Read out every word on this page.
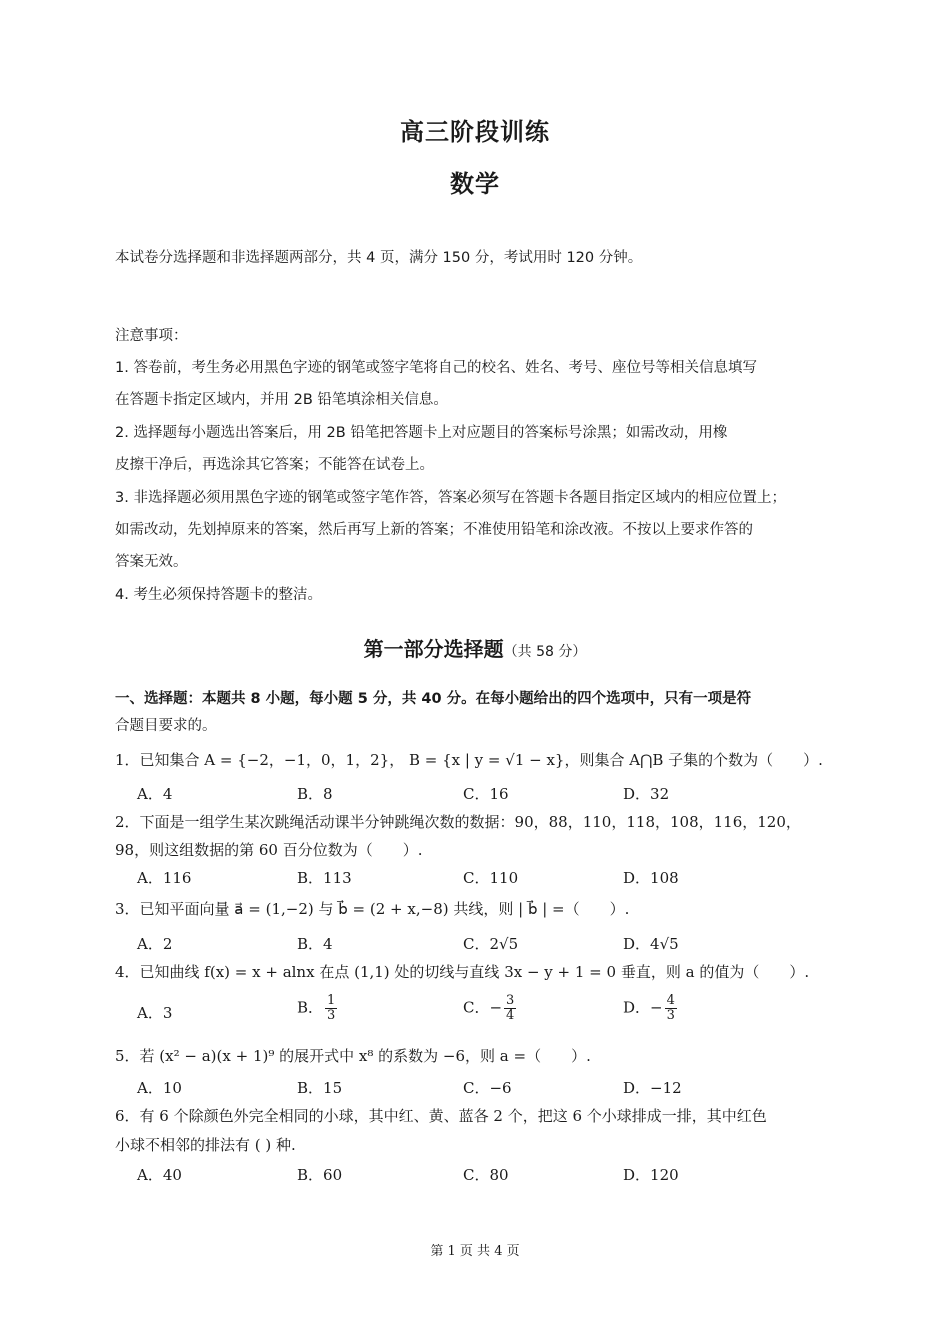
高三阶段训练
数学
本试卷分选择题和非选择题两部分，共 4 页，满分 150 分，考试用时 120 分钟。
注意事项：
1. 答卷前，考生务必用黑色字迹的钢笔或签字笔将自己的校名、姓名、考号、座位号等相关信息填写
在答题卡指定区域内，并用 2B 铅笔填涂相关信息。
2. 选择题每小题选出答案后，用 2B 铅笔把答题卡上对应题目的答案标号涂黑；如需改动，用橡
皮擦干净后，再选涂其它答案；不能答在试卷上。
3. 非选择题必须用黑色字迹的钢笔或签字笔作答，答案必须写在答题卡各题目指定区域内的相应位置上；
如需改动，先划掉原来的答案，然后再写上新的答案；不准使用铅笔和涂改液。不按以上要求作答的
答案无效。
4. 考生必须保持答题卡的整洁。
第一部分选择题（共 58 分）
一、选择题：本题共 8 小题，每小题 5 分，共 40 分。在每小题给出的四个选项中，只有一项是符
合题目要求的。
1．已知集合 A = {−2，−1，0，1，2}， B = {x | y = √1 − x}，则集合 A⋂B 子集的个数为（　　）.
A．4	B．8	C．16	D．32
2．下面是一组学生某次跳绳活动课半分钟跳绳次数的数据：90，88，110，118，108，116，120，
98，则这组数据的第 60 百分位数为（　　）.
A．116	B．113	C．110	D．108
3．已知平面向量 a⃗ = (1,−2) 与 b⃗ = (2 + x,−8) 共线，则 | b⃗ | =（　　）.
A．2	B．4	C．2√5	D．4√5
4．已知曲线 f(x) = x + alnx 在点 (1,1) 处的切线与直线 3x − y + 1 = 0 垂直，则 a 的值为（　　）.
A．3	B． $\frac{1}{3}$	C．− $\frac{3}{4}$	D．− $\frac{4}{3}$
5．若 (x² − a)(x + 1)⁹ 的展开式中 x⁸ 的系数为 −6，则 a =（　　）.
A．10	B．15	C．−6	D．−12
6．有 6 个除颜色外完全相同的小球，其中红、黄、蓝各 2 个，把这 6 个小球排成一排，其中红色
小球不相邻的排法有 ( ) 种.
A．40	B．60	C．80	D．120
第 1 页 共 4 页
